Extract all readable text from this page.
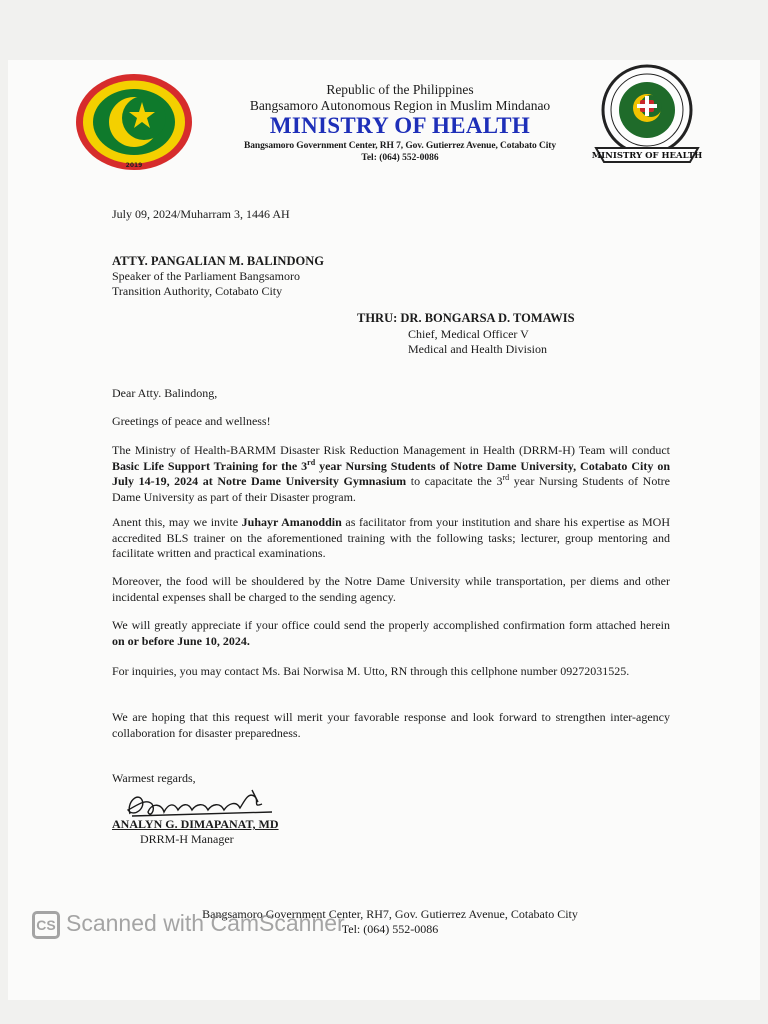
2019
MINISTRY OF HEALTH
Republic of the Philippines
Bangsamoro Autonomous Region in Muslim Mindanao
MINISTRY OF HEALTH
Bangsamoro Government Center, RH 7, Gov. Gutierrez Avenue, Cotabato City
Tel: (064) 552-0086
July 09, 2024/Muharram 3, 1446 AH
ATTY. PANGALIAN M. BALINDONG
Speaker of the Parliament Bangsamoro
Transition Authority, Cotabato City
THRU: DR. BONGARSA D. TOMAWIS
Chief, Medical Officer V
Medical and Health Division
Dear Atty. Balindong,
Greetings of peace and wellness!
The Ministry of Health-BARMM Disaster Risk Reduction Management in Health (DRRM-H) Team will conduct Basic Life Support Training for the 3rd year Nursing Students of Notre Dame University, Cotabato City on July 14-19, 2024 at Notre Dame University Gymnasium to capacitate the 3rd year Nursing Students of Notre Dame University as part of their Disaster program.
Anent this, may we invite Juhayr Amanoddin as facilitator from your institution and share his expertise as MOH accredited BLS trainer on the aforementioned training with the following tasks; lecturer, group mentoring and facilitate written and practical examinations.
Moreover, the food will be shouldered by the Notre Dame University while transportation, per diems and other incidental expenses shall be charged to the sending agency.
We will greatly appreciate if your office could send the properly accomplished confirmation form attached herein on or before June 10, 2024.
For inquiries, you may contact Ms. Bai Norwisa M. Utto, RN through this cellphone number 09272031525.
We are hoping that this request will merit your favorable response and look forward to strengthen inter-agency collaboration for disaster preparedness.
Warmest regards,
ANALYN G. DIMAPANAT, MD
DRRM-H Manager
Bangsamoro Government Center, RH7, Gov. Gutierrez Avenue, Cotabato City
Tel: (064) 552-0086
CS Scanned with CamScanner
